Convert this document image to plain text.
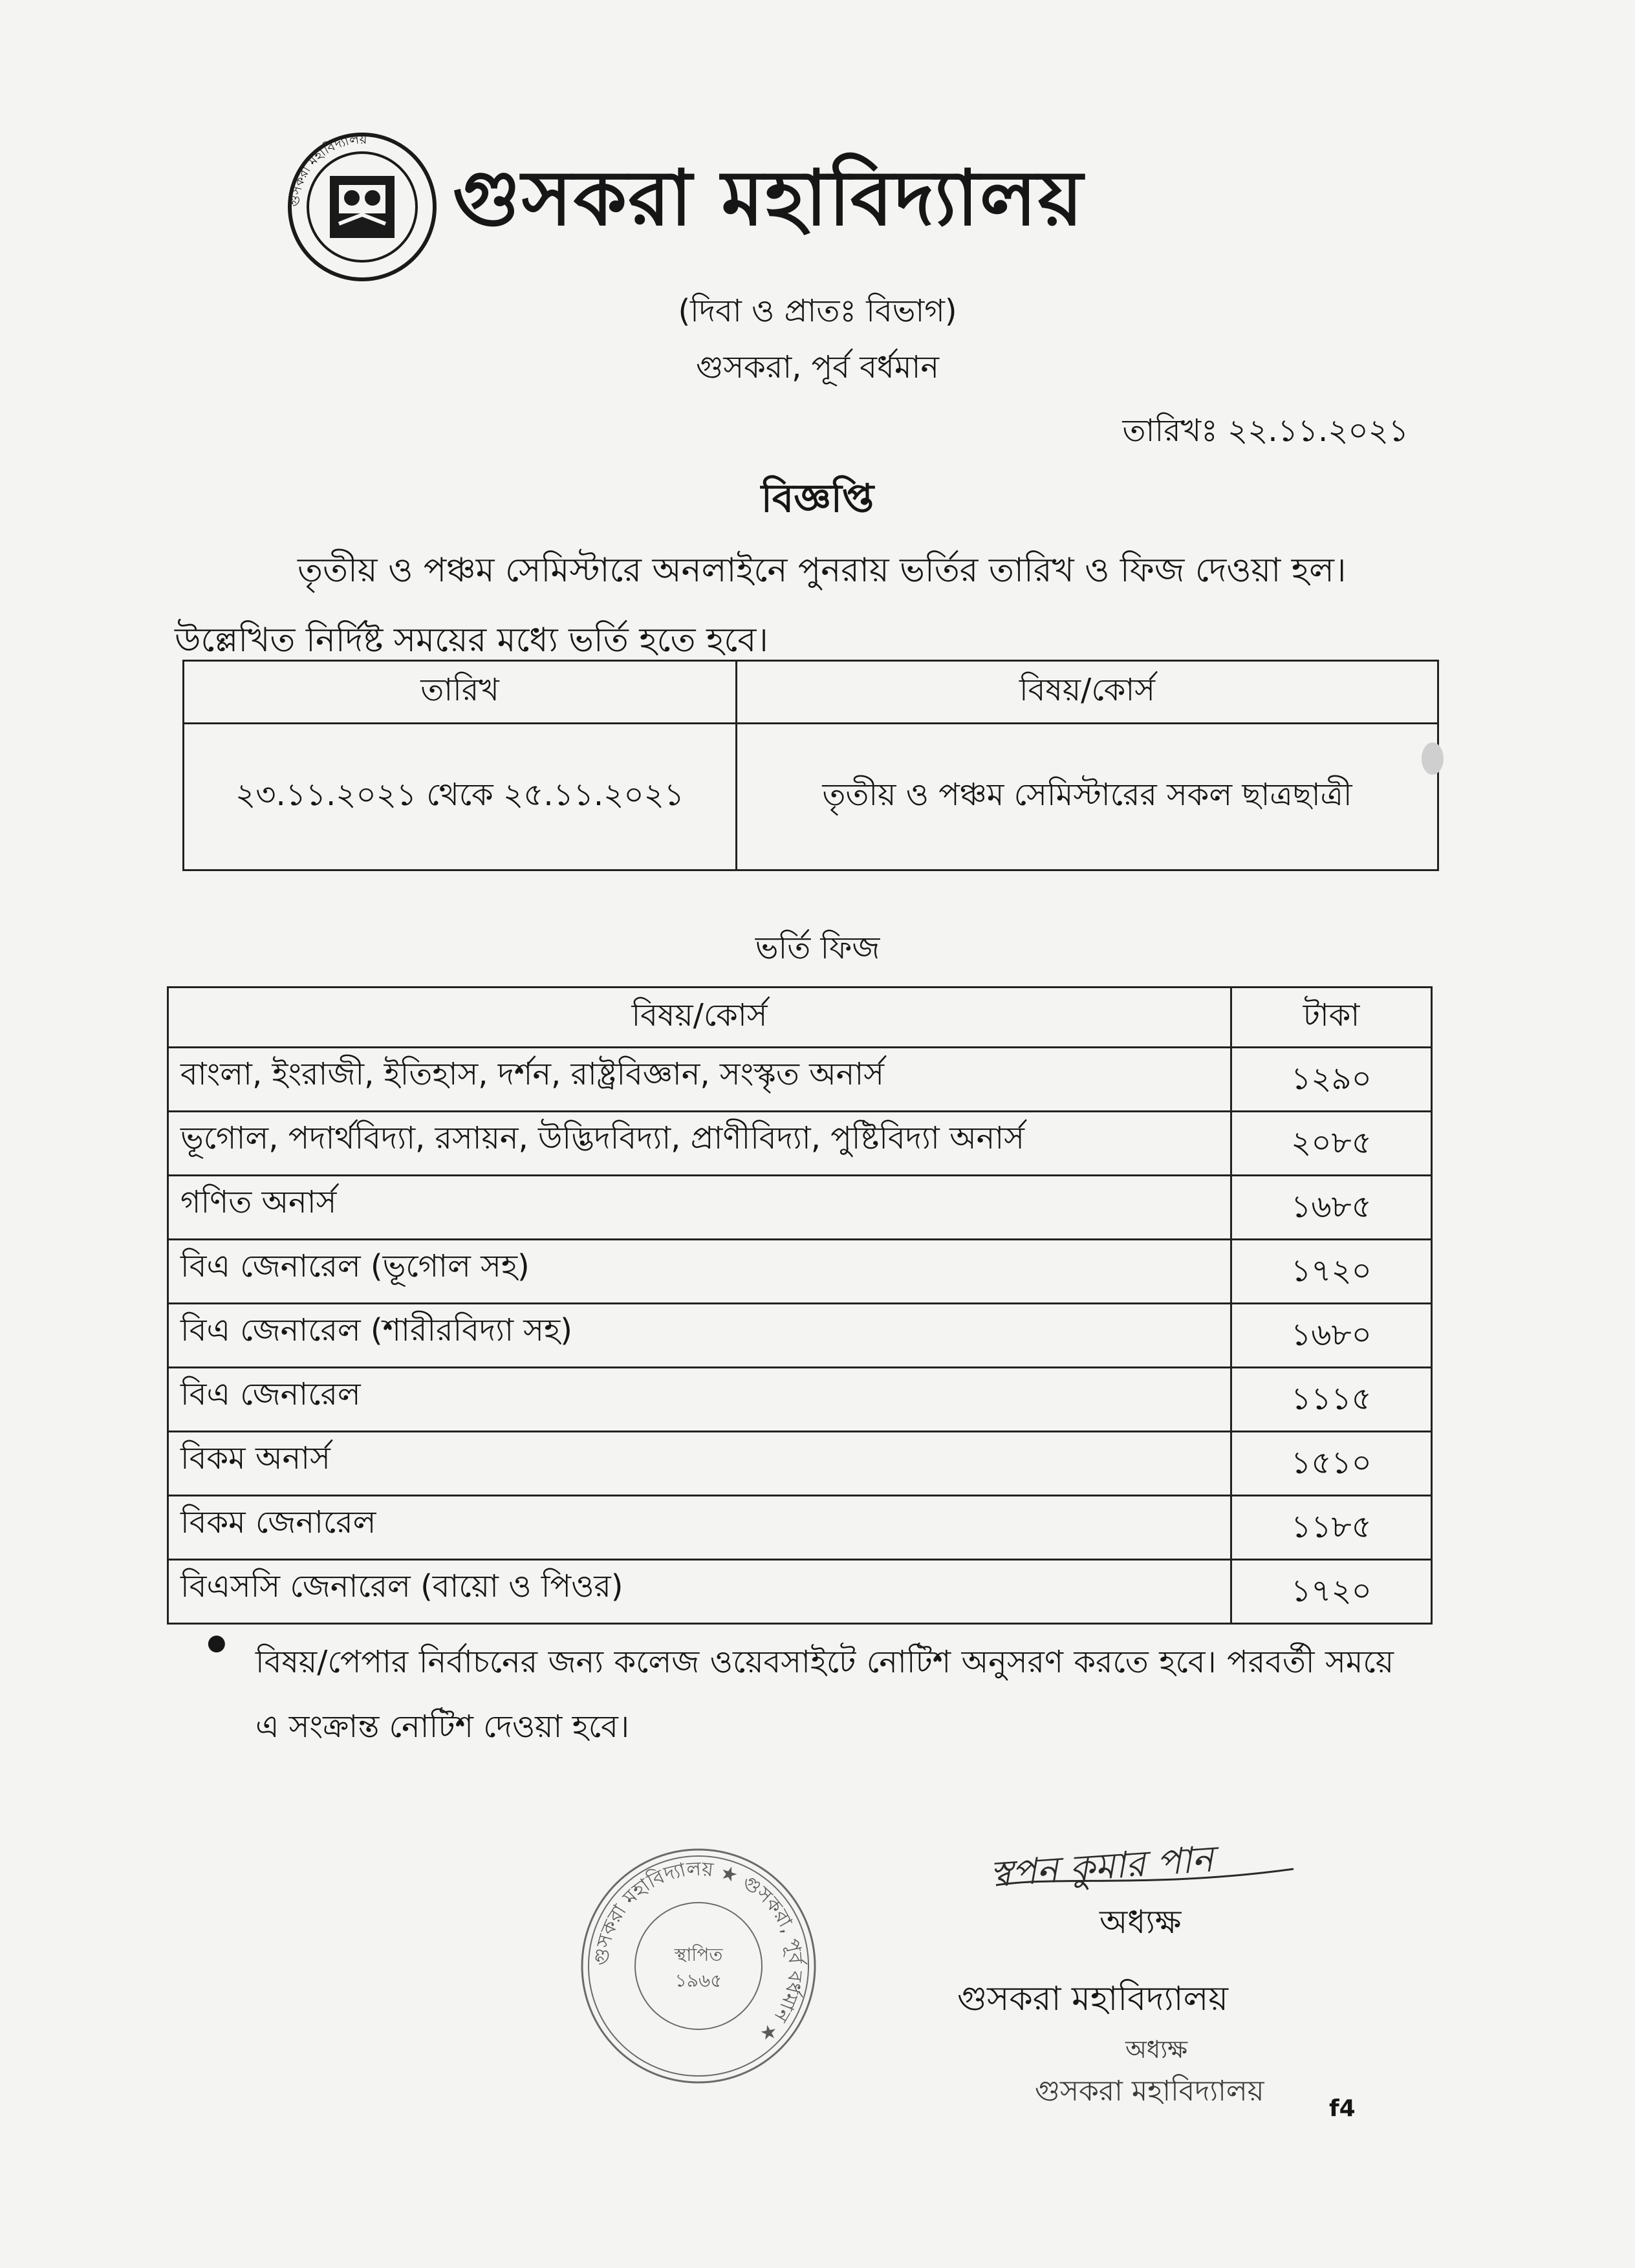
গুসকরা মহাবিদ্যালয়
গুসকরা মহাবিদ্যালয়
(দিবা ও প্রাতঃ বিভাগ)
গুসকরা, পূর্ব বর্ধমান
তারিখঃ ২২.১১.২০২১
বিজ্ঞপ্তি
তৃতীয় ও পঞ্চম সেমিস্টারে অনলাইনে পুনরায় ভর্তির তারিখ ও ফিজ দেওয়া হল। উল্লেখিত নির্দিষ্ট সময়ের মধ্যে ভর্তি হতে হবে।
তারিখ	বিষয়/কোর্স
২৩.১১.২০২১ থেকে ২৫.১১.২০২১	তৃতীয় ও পঞ্চম সেমিস্টারের সকল ছাত্রছাত্রী
ভর্তি ফিজ
বিষয়/কোর্স	টাকা
বাংলা, ইংরাজী, ইতিহাস, দর্শন, রাষ্ট্রবিজ্ঞান, সংস্কৃত অনার্স	১২৯০
ভূগোল, পদার্থবিদ্যা, রসায়ন, উদ্ভিদবিদ্যা, প্রাণীবিদ্যা, পুষ্টিবিদ্যা অনার্স	২০৮৫
গণিত অনার্স	১৬৮৫
বিএ জেনারেল (ভূগোল সহ)	১৭২০
বিএ জেনারেল (শারীরবিদ্যা সহ)	১৬৮০
বিএ জেনারেল	১১১৫
বিকম অনার্স	১৫১০
বিকম জেনারেল	১১৮৫
বিএসসি জেনারেল (বায়ো ও পিওর)	১৭২০
●
বিষয়/পেপার নির্বাচনের জন্য কলেজ ওয়েবসাইটে নোটিশ অনুসরণ করতে হবে। পরবর্তী সময়ে এ সংক্রান্ত নোটিশ দেওয়া হবে।
গুসকরা মহাবিদ্যালয় ★ গুসকরা, পূর্ব বর্ধমান ★
স্থাপিত
১৯৬৫
স্বপন কুমার পান
অধ্যক্ষ
গুসকরা মহাবিদ্যালয়
অধ্যক্ষ
গুসকরা মহাবিদ্যালয়
f4
